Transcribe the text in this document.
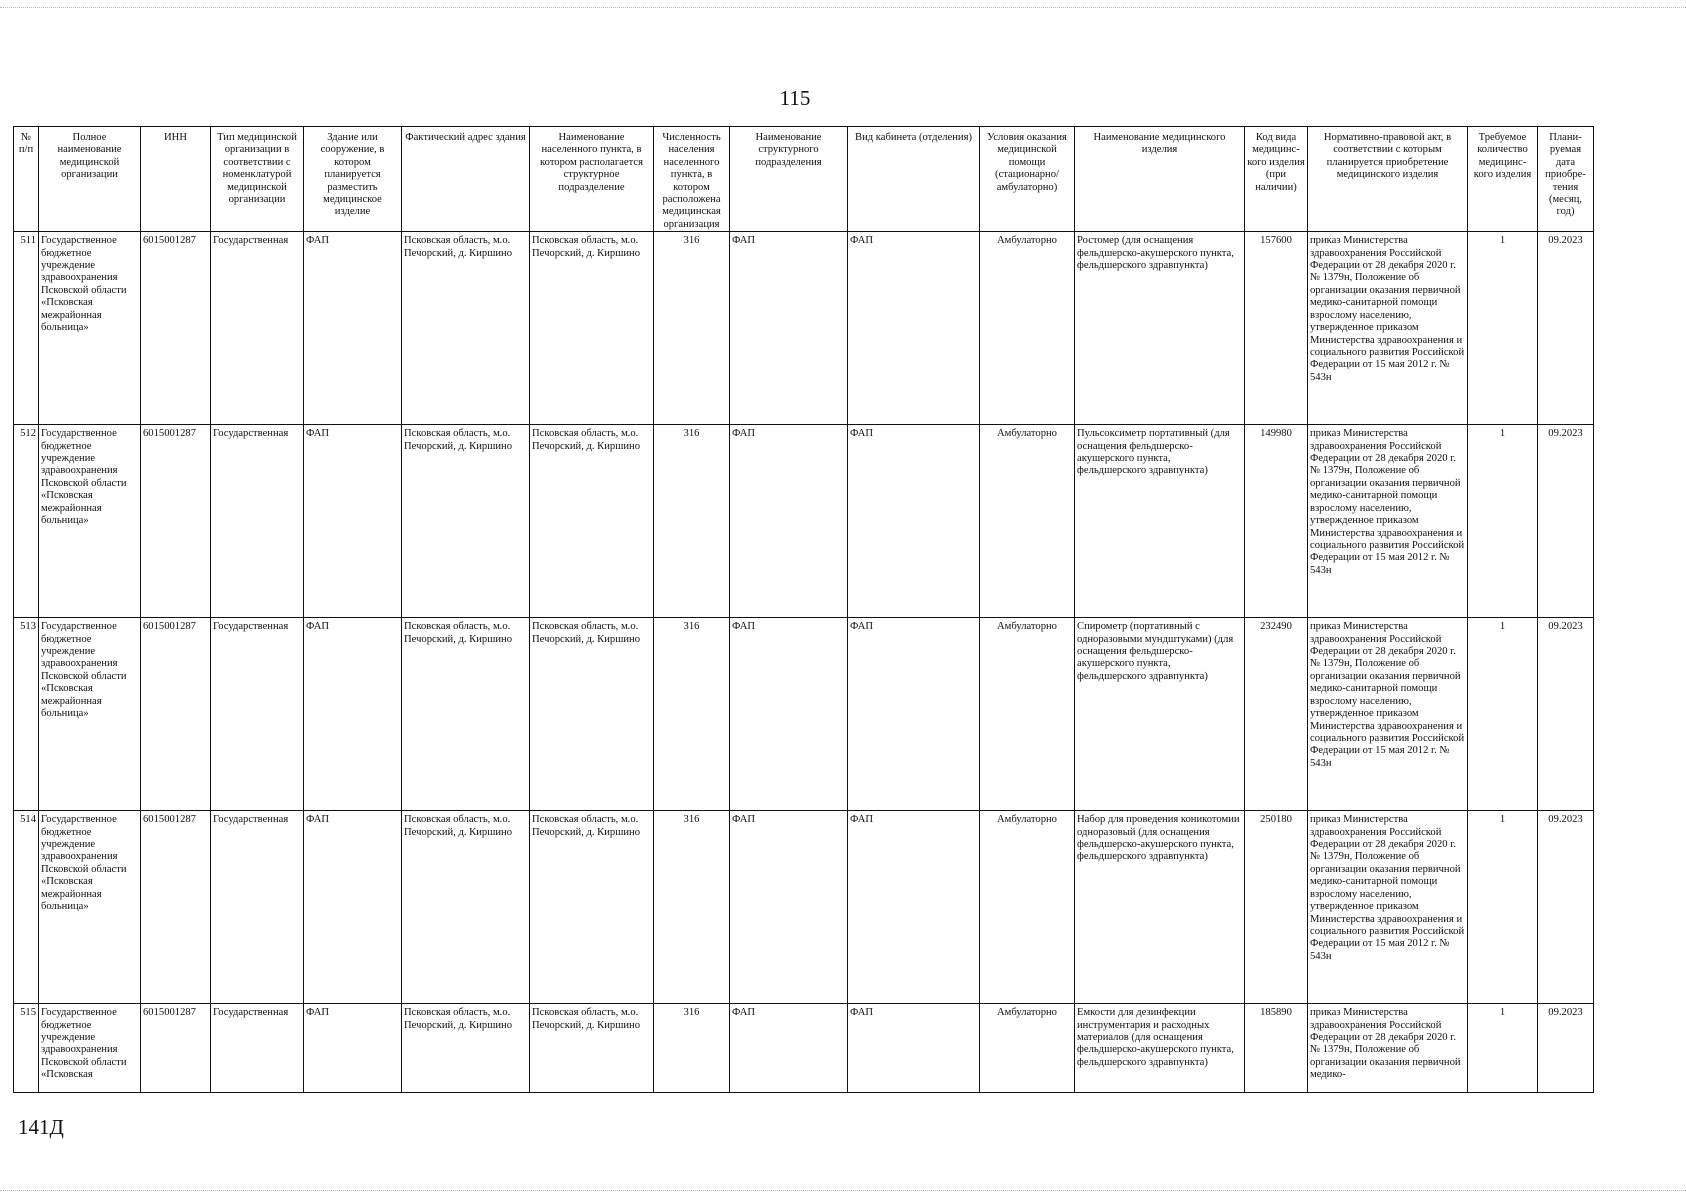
115
№ п/п	Полное наименование медицинской организации	ИНН	Тип медицинской организации в соответствии с номенклатурой медицинской организации	Здание или сооружение, в котором планируется разместить медицинское изделие	Фактический адрес здания	Наименование населенного пункта, в котором располагается структурное подразделение	Численность населения населенного пункта, в котором расположена медицинская организация	Наименование структурного подразделения	Вид кабинета (отделения)	Условия оказания медицинской помощи (стационарно/ амбулаторно)	Наименование медицинского изделия	Код вида медицинс-кого изделия (при наличии)	Нормативно-правовой акт, в соответствии с которым планируется приобретение медицинского изделия	Требуемое количество медицинс-кого изделия	Плани-руемая дата приобре-тения (месяц, год)
511	Государственное бюджетное учреждение здравоохранения Псковской области «Псковская межрайонная больница»	6015001287	Государственная	ФАП	Псковская область, м.о. Печорский, д. Киршино	Псковская область, м.о. Печорский, д. Киршино	316	ФАП	ФАП	Амбулаторно	Ростомер (для оснащения фельдшерско-акушерского пункта, фельдшерского здравпункта)	157600	приказ Министерства здравоохранения Российской Федерации от 28 декабря 2020 г. № 1379н, Положение об организации оказания первичной медико-санитарной помощи взрослому населению, утвержденное приказом Министерства здравоохранения и социального развития Российской Федерации от 15 мая 2012 г. № 543н	1	09.2023
512	Государственное бюджетное учреждение здравоохранения Псковской области «Псковская межрайонная больница»	6015001287	Государственная	ФАП	Псковская область, м.о. Печорский, д. Киршино	Псковская область, м.о. Печорский, д. Киршино	316	ФАП	ФАП	Амбулаторно	Пульсоксиметр портативный (для оснащения фельдшерско-акушерского пункта, фельдшерского здравпункта)	149980	приказ Министерства здравоохранения Российской Федерации от 28 декабря 2020 г. № 1379н, Положение об организации оказания первичной медико-санитарной помощи взрослому населению, утвержденное приказом Министерства здравоохранения и социального развития Российской Федерации от 15 мая 2012 г. № 543н	1	09.2023
513	Государственное бюджетное учреждение здравоохранения Псковской области «Псковская межрайонная больница»	6015001287	Государственная	ФАП	Псковская область, м.о. Печорский, д. Киршино	Псковская область, м.о. Печорский, д. Киршино	316	ФАП	ФАП	Амбулаторно	Спирометр (портативный с одноразовыми мундштуками) (для оснащения фельдшерско-акушерского пункта, фельдшерского здравпункта)	232490	приказ Министерства здравоохранения Российской Федерации от 28 декабря 2020 г. № 1379н, Положение об организации оказания первичной медико-санитарной помощи взрослому населению, утвержденное приказом Министерства здравоохранения и социального развития Российской Федерации от 15 мая 2012 г. № 543н	1	09.2023
514	Государственное бюджетное учреждение здравоохранения Псковской области «Псковская межрайонная больница»	6015001287	Государственная	ФАП	Псковская область, м.о. Печорский, д. Киршино	Псковская область, м.о. Печорский, д. Киршино	316	ФАП	ФАП	Амбулаторно	Набор для проведения коникотомии одноразовый (для оснащения фельдшерско-акушерского пункта, фельдшерского здравпункта)	250180	приказ Министерства здравоохранения Российской Федерации от 28 декабря 2020 г. № 1379н, Положение об организации оказания первичной медико-санитарной помощи взрослому населению, утвержденное приказом Министерства здравоохранения и социального развития Российской Федерации от 15 мая 2012 г. № 543н	1	09.2023
515	Государственное бюджетное учреждение здравоохранения Псковской области «Псковская	6015001287	Государственная	ФАП	Псковская область, м.о. Печорский, д. Киршино	Псковская область, м.о. Печорский, д. Киршино	316	ФАП	ФАП	Амбулаторно	Емкости для дезинфекции инструментария и расходных материалов (для оснащения фельдшерско-акушерского пункта, фельдшерского здравпункта)	185890	приказ Министерства здравоохранения Российской Федерации от 28 декабря 2020 г. № 1379н, Положение об организации оказания первичной медико-	1	09.2023
141Д
